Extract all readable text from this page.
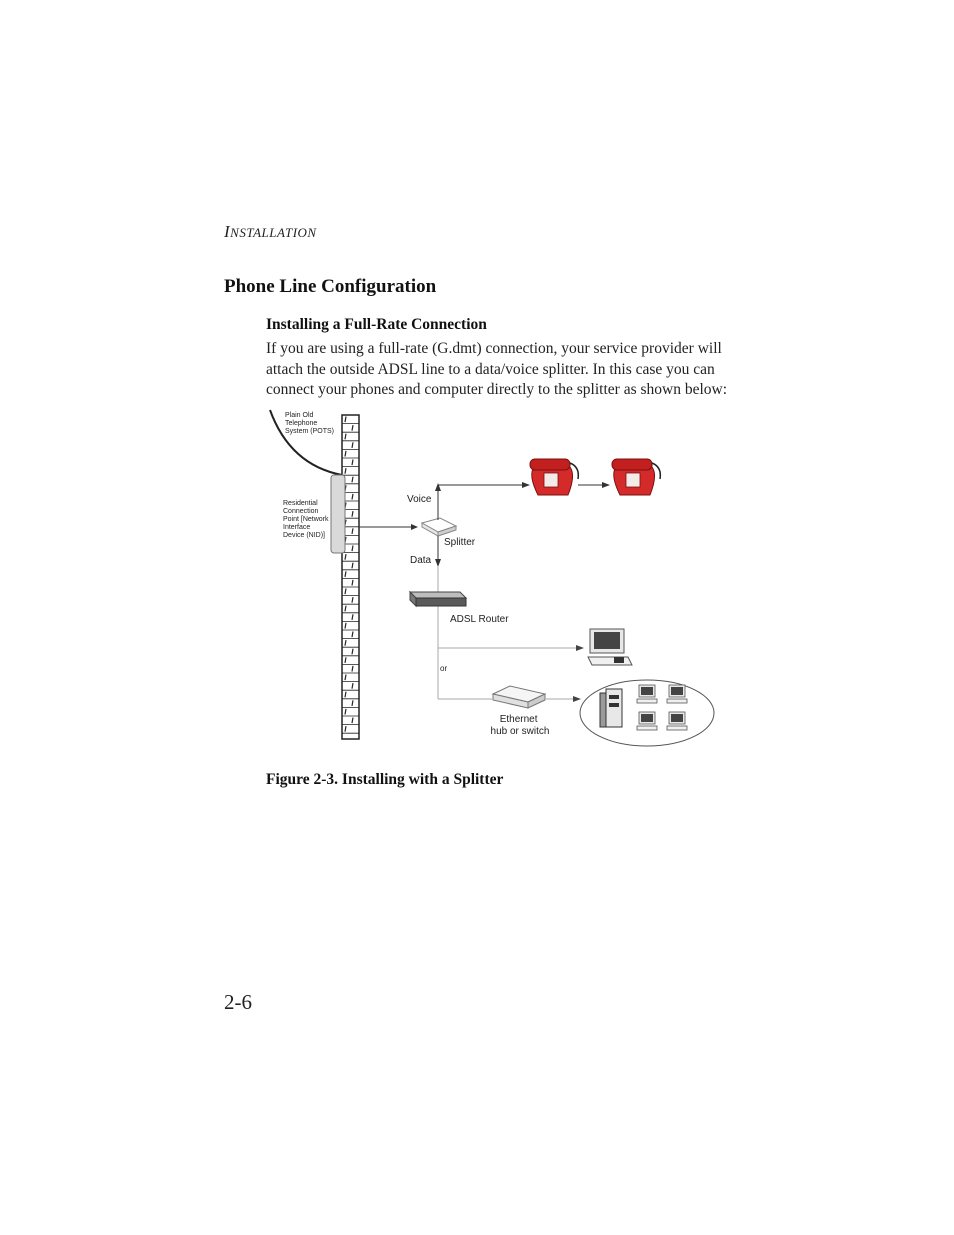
INSTALLATION
Phone Line Configuration
Installing a Full-Rate Connection

If you are using a full-rate (G.dmt) connection, your service provider will attach the outside ADSL line to a data/voice splitter. In this case you can connect your phones and computer directly to the splitter as shown below:

Plain Old Telephone System (POTS)
Residential Connection Point [Network Interface Device (NID)]
Splitter
Voice
Data
ADSL Router
or
Ethernet hub or switch

Figure 2-3. Installing with a Splitter

2-6
